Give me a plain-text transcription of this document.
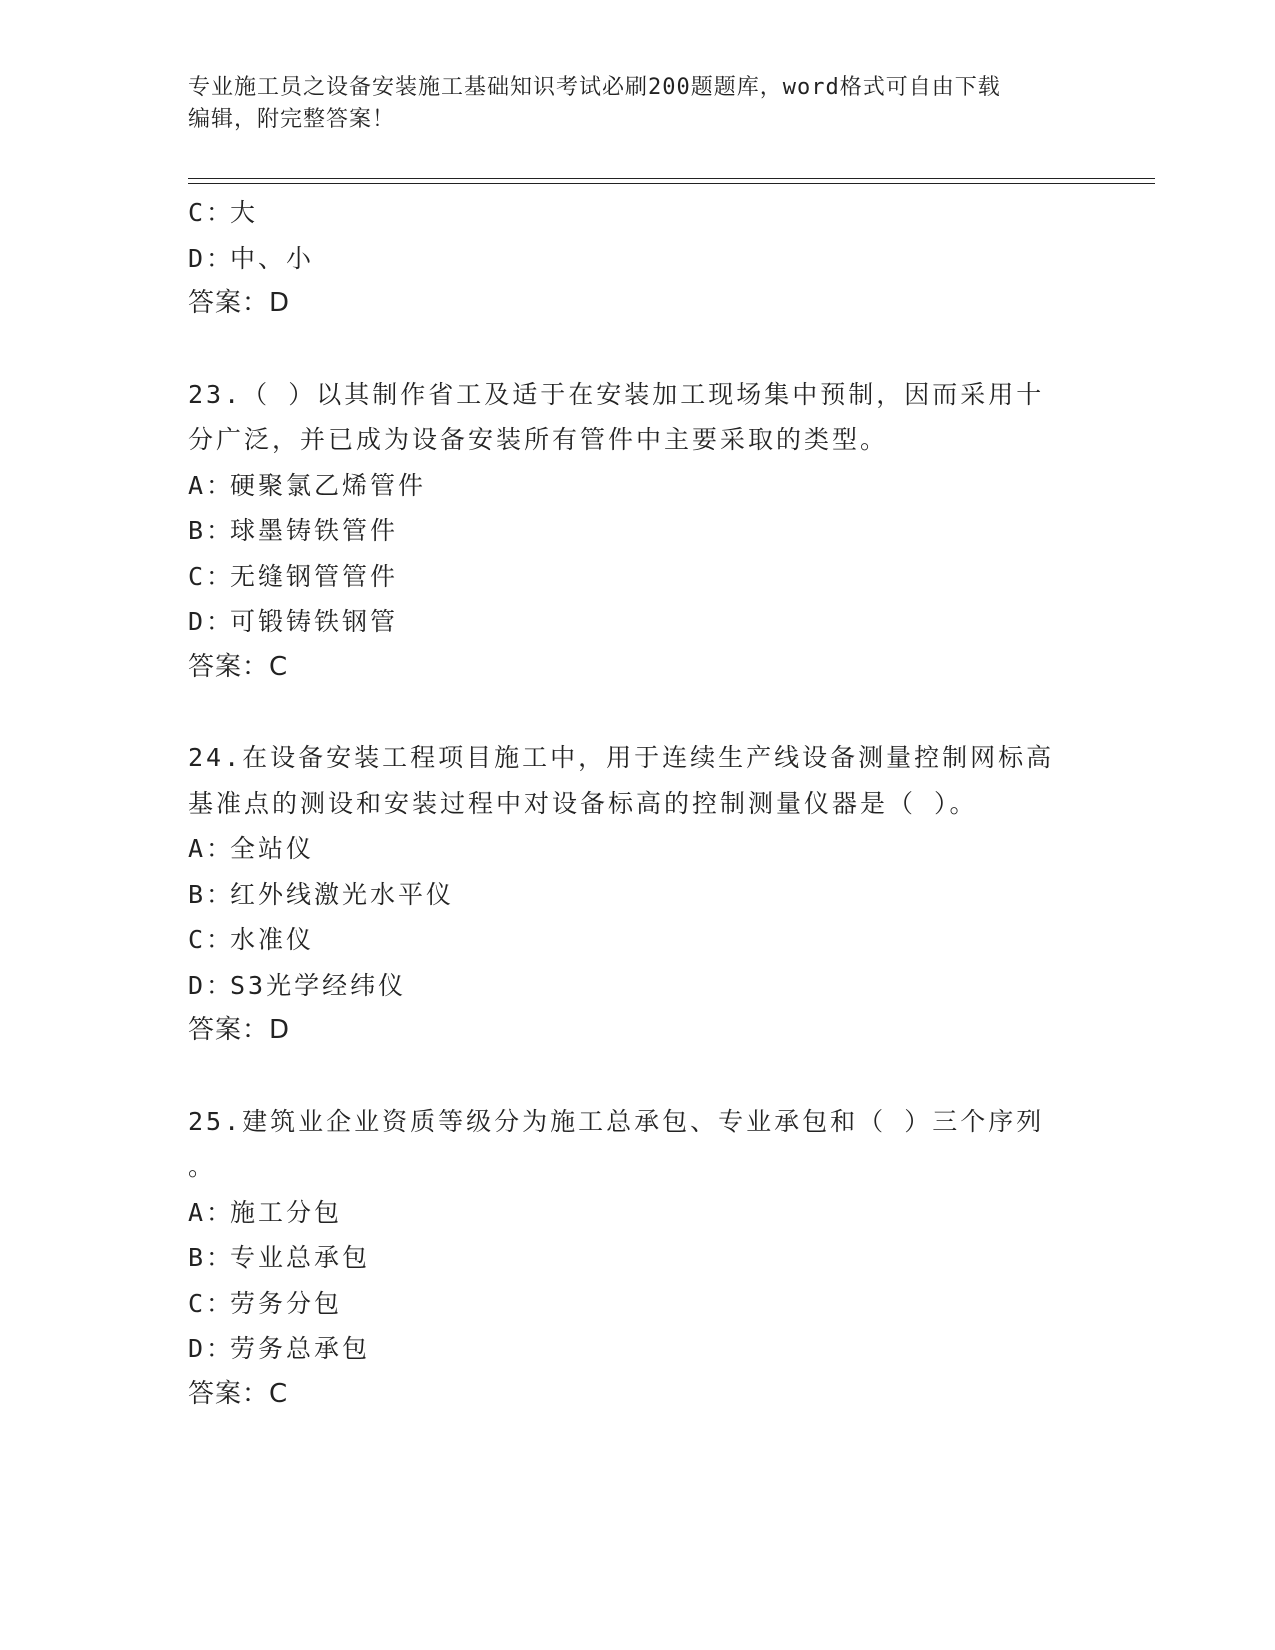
专业施工员之设备安装施工基础知识考试必刷200题题库，word格式可自由下载
编辑，附完整答案！
C：大
D：中、小
答案：D
23.（ ）以其制作省工及适于在安装加工现场集中预制，因而采用十
分广泛，并已成为设备安装所有管件中主要采取的类型。
A：硬聚氯乙烯管件
B：球墨铸铁管件
C：无缝钢管管件
D：可锻铸铁钢管
答案：C
24.在设备安装工程项目施工中，用于连续生产线设备测量控制网标高
基准点的测设和安装过程中对设备标高的控制测量仪器是（ ）。
A：全站仪
B：红外线激光水平仪
C：水准仪
D：S3光学经纬仪
答案：D
25.建筑业企业资质等级分为施工总承包、专业承包和（ ）三个序列
。
A：施工分包
B：专业总承包
C：劳务分包
D：劳务总承包
答案：C
